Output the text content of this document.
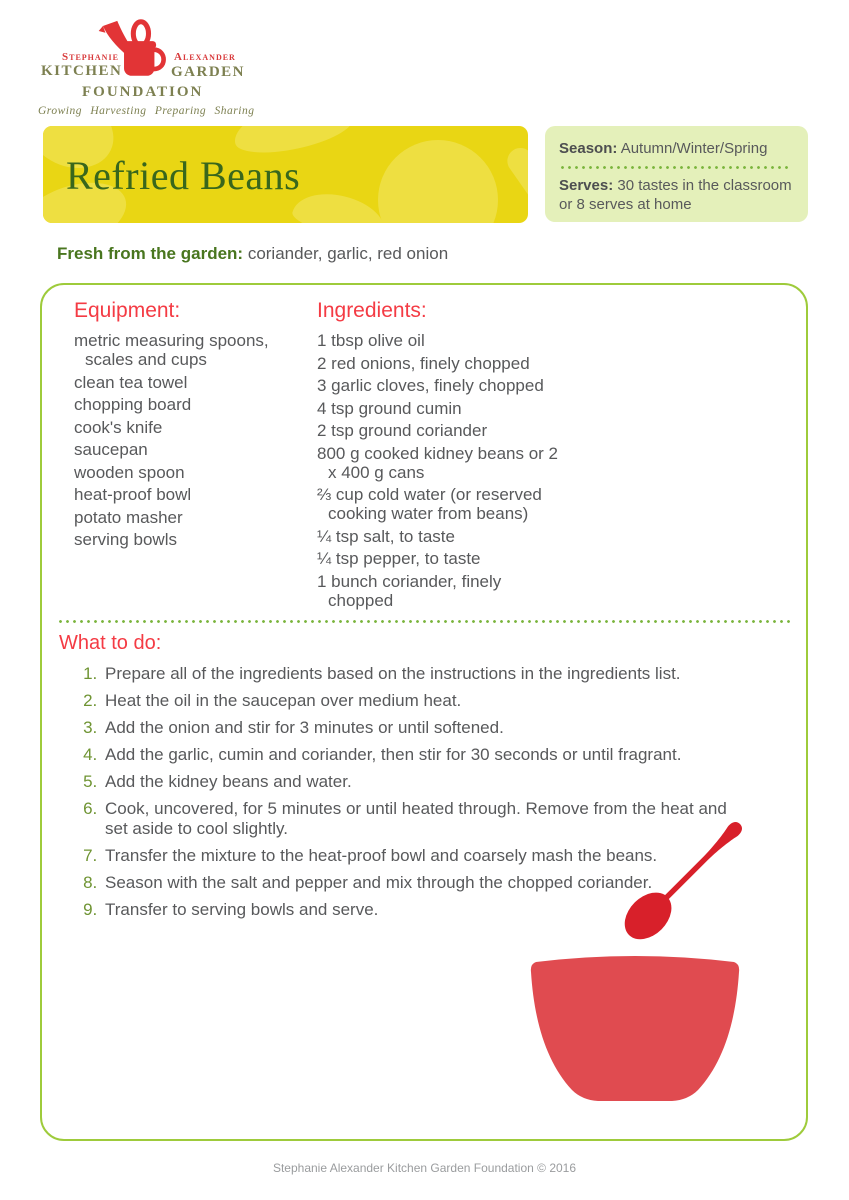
Stephanie	Alexander
KITCHEN	GARDEN
FOUNDATION
Growing Harvesting Preparing Sharing
Refried Beans
Season: Autumn/Winter/Spring
Serves: 30 tastes in the classroom or 8 serves at home
Fresh from the garden: coriander, garlic, red onion
Equipment:
metric measuring spoons, scales and cups
clean tea towel
chopping board
cook's knife
saucepan
wooden spoon
heat-proof bowl
potato masher
serving bowls
Ingredients:
1 tbsp olive oil
2 red onions, finely chopped
3 garlic cloves, finely chopped
4 tsp ground cumin
2 tsp ground coriander
800 g cooked kidney beans or 2 x 400 g cans
⅔ cup cold water (or reserved cooking water from beans)
¼ tsp salt, to taste
¼ tsp pepper, to taste
1 bunch coriander, finely chopped
What to do:
1. Prepare all of the ingredients based on the instructions in the ingredients list.
2. Heat the oil in the saucepan over medium heat.
3. Add the onion and stir for 3 minutes or until softened.
4. Add the garlic, cumin and coriander, then stir for 30 seconds or until fragrant.
5. Add the kidney beans and water.
6. Cook, uncovered, for 5 minutes or until heated through. Remove from the heat and set aside to cool slightly.
7. Transfer the mixture to the heat-proof bowl and coarsely mash the beans.
8. Season with the salt and pepper and mix through the chopped coriander.
9. Transfer to serving bowls and serve.
Stephanie Alexander Kitchen Garden Foundation © 2016
